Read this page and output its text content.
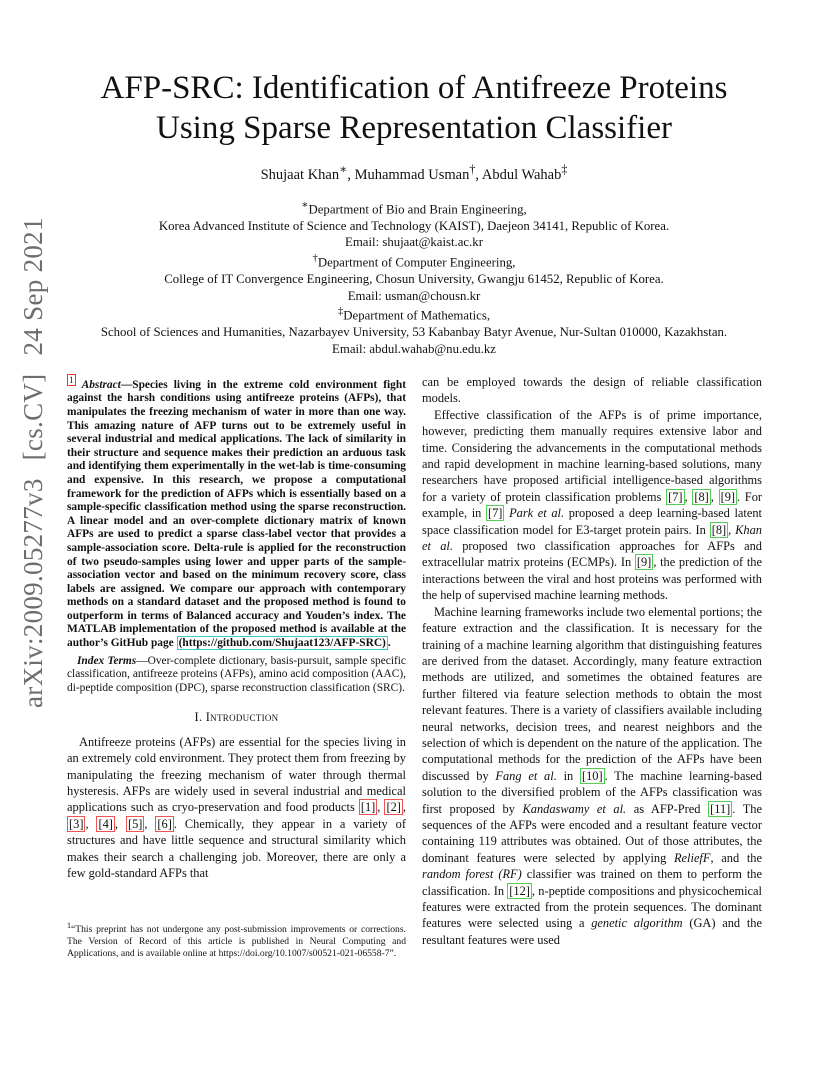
arXiv:2009.05277v3[cs.CV]24 Sep 2021
AFP-SRC: Identification of Antifreeze Proteins
Using Sparse Representation Classifier
Shujaat Khan∗, Muhammad Usman†, Abdul Wahab‡
∗Department of Bio and Brain Engineering,
Korea Advanced Institute of Science and Technology (KAIST), Daejeon 34141, Republic of Korea.
Email: shujaat@kaist.ac.kr
†Department of Computer Engineering,
College of IT Convergence Engineering, Chosun University, Gwangju 61452, Republic of Korea.
Email: usman@chousn.kr
‡Department of Mathematics,
School of Sciences and Humanities, Nazarbayev University, 53 Kabanbay Batyr Avenue, Nur-Sultan 010000, Kazakhstan.
Email: abdul.wahab@nu.edu.kz

1 Abstract—Species living in the extreme cold environment fight against the harsh conditions using antifreeze proteins (AFPs), that manipulates the freezing mechanism of water in more than one way. This amazing nature of AFP turns out to be extremely useful in several industrial and medical applications. The lack of similarity in their structure and sequence makes their prediction an arduous task and identifying them experimentally in the wet-lab is time-consuming and expensive. In this research, we propose a computational framework for the prediction of AFPs which is essentially based on a sample-specific classification method using the sparse reconstruction. A linear model and an over-complete dictionary matrix of known AFPs are used to predict a sparse class-label vector that provides a sample-association score. Delta-rule is applied for the reconstruction of two pseudo-samples using lower and upper parts of the sample-association vector and based on the minimum recovery score, class labels are assigned. We compare our approach with contemporary methods on a standard dataset and the proposed method is found to outperform in terms of Balanced accuracy and Youden’s index. The MATLAB implementation of the proposed method is available at the author’s GitHub page (https://github.com/Shujaat123/AFP-SRC) .

Index Terms—Over-complete dictionary, basis-pursuit, sample specific classification, antifreeze proteins (AFPs), amino acid composition (AAC), di-peptide composition (DPC), sparse reconstruction classification (SRC).

I. Introduction

Antifreeze proteins (AFPs) are essential for the species living in an extremely cold environment. They protect them from freezing by manipulating the freezing mechanism of water through thermal hysteresis. AFPs are widely used in several industrial and medical applications such as cryo-preservation and food products [1] , [2] , [3] , [4] , [5] , [6] . Chemically, they appear in a variety of structures and have little sequence and structural similarity which makes their search a challenging job. Moreover, there are only a few gold-standard AFPs that

$^1$“This preprint has not undergone any post-submission improvements or corrections. The Version of Record of this article is published in Neural Computing and Applications, and is available online at https://doi.org/10.1007/s00521-021-06558-7”.

can be employed towards the design of reliable classification models.

Effective classification of the AFPs is of prime importance, however, predicting them manually requires extensive labor and time. Considering the advancements in the computational methods and rapid development in machine learning-based solutions, many researchers have proposed artificial intelligence-based algorithms for a variety of protein classification problems [7] , [8] , [9] . For example, in [7] Park et al. proposed a deep learning-based latent space classification model for E3-target protein pairs. In [8] , Khan et al. proposed two classification approaches for AFPs and extracellular matrix proteins (ECMPs). In [9] , the prediction of the interactions between the viral and host proteins was performed with the help of supervised machine learning methods.

Machine learning frameworks include two elemental portions; the feature extraction and the classification. It is necessary for the training of a machine learning algorithm that distinguishing features are derived from the dataset. Accordingly, many feature extraction methods are utilized, and sometimes the obtained features are further filtered via feature selection methods to obtain the most relevant features. There is a variety of classifiers available including neural networks, decision trees, and nearest neighbors and the selection of which is dependent on the nature of the application. The computational methods for the prediction of the AFPs have been discussed by Fang et al. in [10] . The machine learning-based solution to the diversified problem of the AFPs classification was first proposed by Kandaswamy et al. as AFP-Pred [11] . The sequences of the AFPs were encoded and a resultant feature vector containing 119 attributes was obtained. Out of those attributes, the dominant features were selected by applying ReliefF, and the random forest (RF) classifier was trained on them to perform the classification. In [12] , n-peptide compositions and physicochemical features were extracted from the protein sequences. The dominant features were selected using a genetic algorithm (GA) and the resultant features were used
